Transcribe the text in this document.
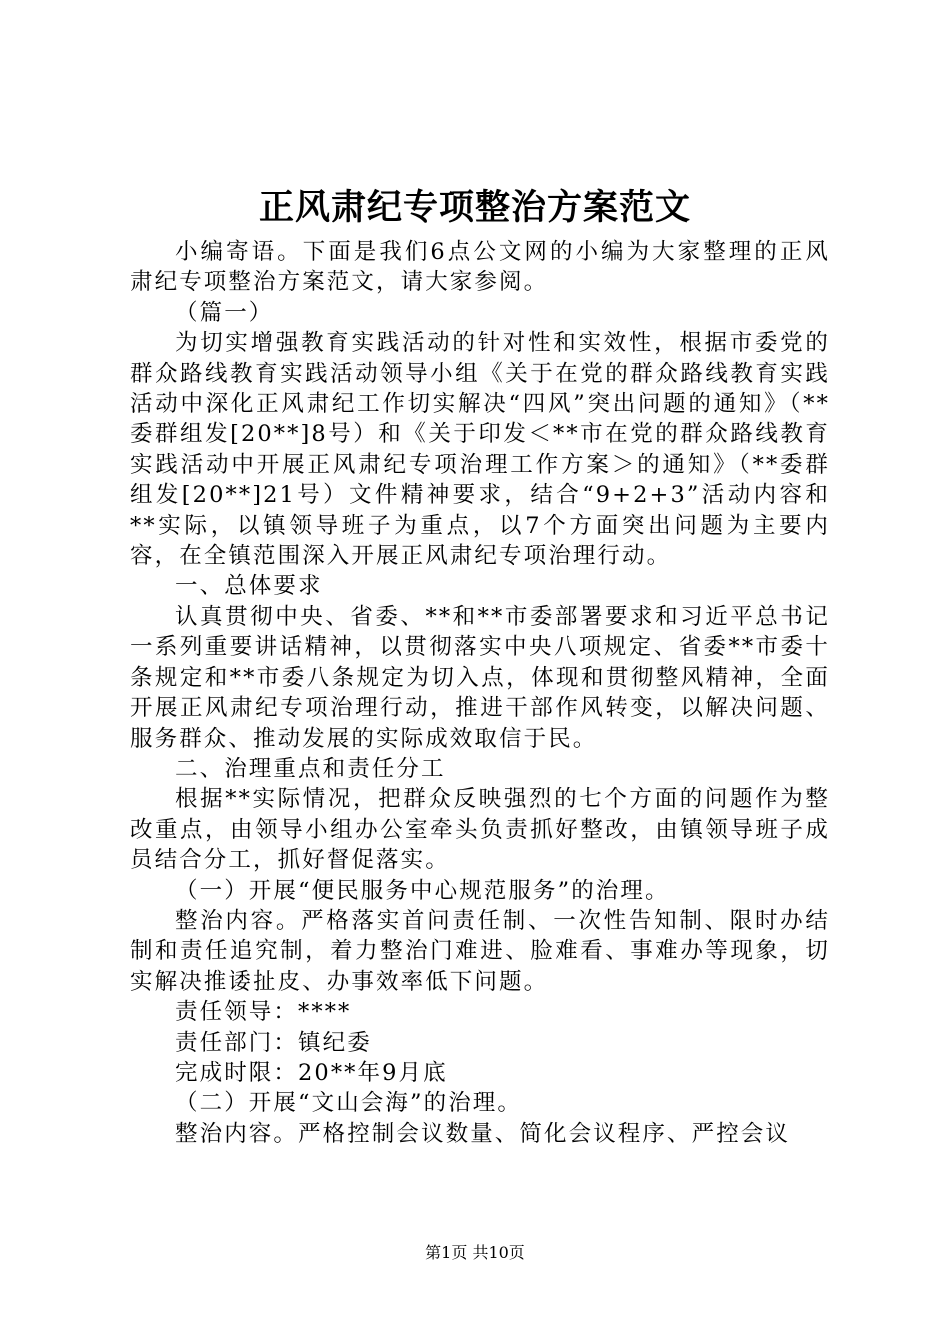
正风肃纪专项整治方案范文

小编寄语。下面是我们6点公文网的小编为大家整理的正风肃纪专项整治方案范文，请大家参阅。

（篇一）

为切实增强教育实践活动的针对性和实效性，根据市委党的群众路线教育实践活动领导小组《关于在党的群众路线教育实践活动中深化正风肃纪工作切实解决“四风”突出问题的通知》（**委群组发[20**]8号）和《关于印发＜**市在党的群众路线教育实践活动中开展正风肃纪专项治理工作方案＞的通知》（**委群组发[20**]21号）文件精神要求，结合“9+2+3”活动内容和**实际，以镇领导班子为重点，以7个方面突出问题为主要内容，在全镇范围深入开展正风肃纪专项治理行动。

一、总体要求

认真贯彻中央、省委、**和**市委部署要求和习近平总书记一系列重要讲话精神，以贯彻落实中央八项规定、省委**市委十条规定和**市委八条规定为切入点，体现和贯彻整风精神，全面开展正风肃纪专项治理行动，推进干部作风转变，以解决问题、服务群众、推动发展的实际成效取信于民。

二、治理重点和责任分工

根据**实际情况，把群众反映强烈的七个方面的问题作为整改重点，由领导小组办公室牵头负责抓好整改，由镇领导班子成员结合分工，抓好督促落实。

（一）开展“便民服务中心规范服务”的治理。

整治内容。严格落实首问责任制、一次性告知制、限时办结制和责任追究制，着力整治门难进、脸难看、事难办等现象，切实解决推诿扯皮、办事效率低下问题。

责任领导：****

责任部门：镇纪委

完成时限：20**年9月底

（二）开展“文山会海”的治理。

整治内容。严格控制会议数量、简化会议程序、严控会议

第1页 共10页
